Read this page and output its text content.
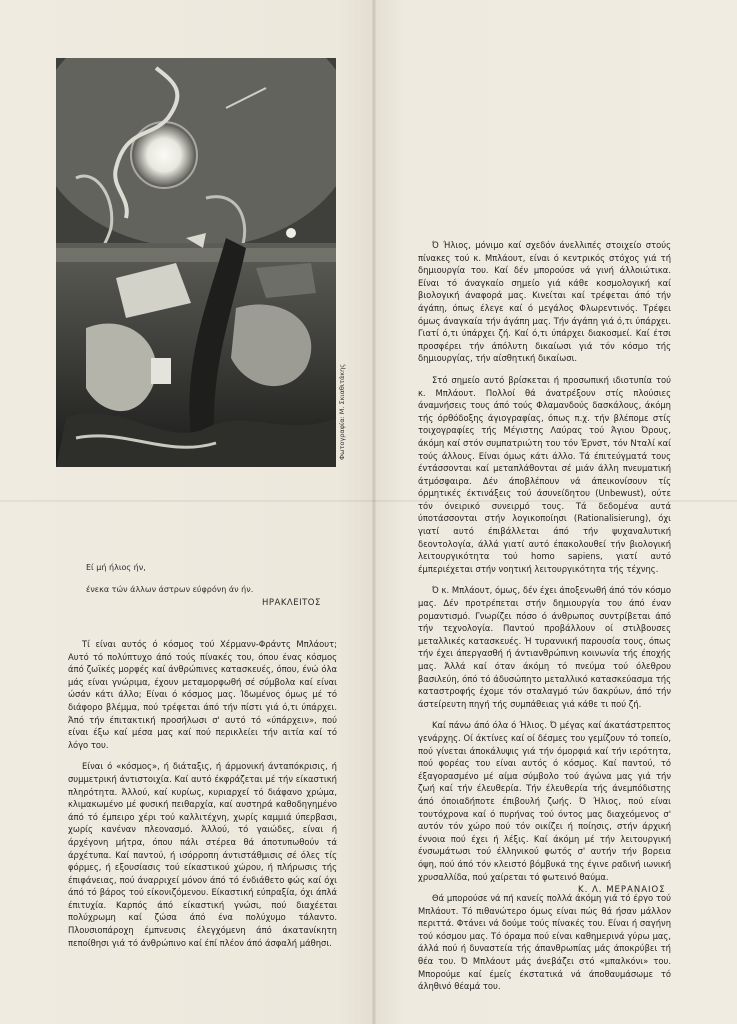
Φωτογραφία: Μ. Σκιαθιτάκης
Εί μή ήλιος ήν,
ένεκα τών άλλων άστρων εύφρόνη άν ήν.
ΗΡΑΚΛΕΙΤΟΣ

Τί είναι αυτός ό κόσμος τού Χέρμανν-Φράντς Μπλάουτ; Αυτό τό πολύπτυχο άπό τούς πίνακές του, όπου ένας κόσμος άπό ζωϊκές μορφές καί άνθρώπινες κατασκευές, όπου, ένώ όλα μάς είναι γνώριμα, έχουν μεταμορφωθή σέ σύμβολα καί είναι ώσάν κάτι άλλο; Είναι ό κόσμος μας. Ίδωμένος όμως μέ τό διάφορο βλέμμα, πού τρέφεται άπό τήν πίστι γιά ό,τι ύπάρχει. Άπό τήν έπιτακτική προσήλωσι σ' αυτό τό «ύπάρχειν», πού είναι έξω καί μέσα μας καί πού περικλείει τήν αιτία καί τό λόγο του.

Είναι ό «κόσμος», ή διάταξις, ή άρμονική άνταπόκρισις, ή συμμετρική άντιστοιχία. Καί αυτό έκφράζεται μέ τήν είκαστική πληρότητα. Άλλού, καί κυρίως, κυριαρχεί τό διάφανο χρώμα, κλιμακωμένο μέ φυσική πειθαρχία, καί αυστηρά καθοδηγημένο άπό τό έμπειρο χέρι τού καλλιτέχνη, χωρίς καμμιά ύπερβασι, χωρίς κανέναν πλεονασμό. Άλλού, τό γαιώδες, είναι ή άρχέγονη μήτρα, όπου πάλι στέρεα θά άποτυπωθούν τά άρχέτυπα. Καί παντού, ή ισόρροπη άντιστάθμισις σέ όλες τίς φόρμες, ή εξουσίασις τού είκαστικού χώρου, ή πλήρωσις τής έπιφάνειας, πού άναρριχεί μόνον άπό τό ένδιάθετο φώς καί όχι άπό τό βάρος τού είκονιζόμενου. Είκαστική εύπραξία, όχι άπλά έπιτυχία. Καρπός άπό είκαστική γνώσι, πού διαχέεται πολύχρωμη καί ζώσα άπό ένα πολύχυμο τάλαντο. Πλουσιοπάροχη έμπνευσις έλεγχόμενη άπό άκατανίκητη πεποίθησι γιά τό άνθρώπινο καί έπί πλέον άπό άσφαλή μάθησι.

Ό Ήλιος, μόνιμο καί σχεδόν άνελλιπές στοιχείο στούς πίνακες τού κ. Μπλάουτ, είναι ό κεντρικός στόχος γιά τή δημιουργία του. Καί δέν μπορούσε νά γινή άλλοιώτικα. Είναι τό άναγκαίο σημείο γιά κάθε κοσμολογική καί βιολογική άναφορά μας. Κινείται καί τρέφεται άπό τήν άγάπη, όπως έλεγε καί ό μεγάλος Φλωρεντινός. Τρέφει όμως άναγκαία τήν άγάπη μας. Τήν άγάπη γιά ό,τι ύπάρχει. Γιατί ό,τι ύπάρχει ζή. Καί ό,τι ύπάρχει διακοσμεί. Καί έτσι προσφέρει τήν άπόλυτη δικαίωσι γιά τόν κόσμο τής δημιουργίας, τήν αίσθητική δικαίωσι.

Στό σημείο αυτό βρίσκεται ή προσωπική ιδιοτυπία τού κ. Μπλάουτ. Πολλοί θά άνατρέξουν στίς πλούσιες άναμνήσεις τους άπό τούς Φλαμανδούς δασκάλους, άκόμη τής όρθόδοξης άγιογραφίας, όπως π.χ. τήν βλέπομε στίς τοιχογραφίες τής Μέγιστης Λαύρας τού Άγιου Όρους, άκόμη καί στόν συμπατριώτη του τόν Έρνστ, τόν Νταλί καί τούς άλλους. Είναι όμως κάτι άλλο. Τά έπιτεύγματά τους έντάσσονται καί μεταπλάθονται σέ μιάν άλλη πνευματική άτμόσφαιρα. Δέν άποβλέπουν νά άπεικονίσουν τίς όρμητικές έκτινάξεις τού άσυνείδητου (Unbewust), ούτε τόν όνειρικό συνειρμό τους. Τά δεδομένα αυτά ύποτάσσονται στήν λογικοποίησι (Rationalisierung), όχι γιατί αυτό έπιβάλλεται άπό τήν ψυχαναλυτική δεοντολογία, άλλά γιατί αυτό έπακολουθεί τήν βιολογική λειτουργικότητα τού homo sapiens, γιατί αυτό έμπεριέχεται στήν νοητική λειτουργικότητα τής τέχνης.

Ό κ. Μπλάουτ, όμως, δέν έχει άποξενωθή άπό τόν κόσμο μας. Δέν προτρέπεται στήν δημιουργία του άπό έναν ρομαντισμό. Γνωρίζει πόσο ό άνθρωπος συντρίβεται άπό τήν τεχνολογία. Παντού προβάλλουν οί στιλβουσες μεταλλικές κατασκευές. Ή τυραννική παρουσία τους, όπως τήν έχει άπεργασθή ή άντιανθρώπινη κοινωνία τής έποχής μας. Άλλά καί όταν άκόμη τό πνεύμα τού όλεθρου βασιλεύη, όπό τό άδυσώπητο μεταλλικό κατασκεύασμα τής καταστροφής έχομε τόν σταλαγμό τών δακρύων, άπό τήν άστείρευτη πηγή τής συμπάθειας γιά κάθε τι πού ζή.

Καί πάνω άπό όλα ό Ήλιος. Ό μέγας καί άκατάστρεπτος γενάρχης. Οί άκτίνες καί οί δέσμες του γεμίζουν τό τοπείο, πού γίνεται άποκάλυψις γιά τήν όμορφιά καί τήν ιερότητα, πού φορέας του είναι αυτός ό κόσμος. Καί παντού, τό έξαγορασμένο μέ αίμα σύμβολο τού άγώνα μας γιά τήν ζωή καί τήν έλευθερία. Τήν έλευθερία τής άνεμπόδιστης άπό όποιαδήποτε έπιβουλή ζωής. Ό Ήλιος, πού είναι τουτόχρονα καί ό πυρήνας τού όντος μας διαχεόμενος σ' αυτόν τόν χώρο πού τόν οικίζει ή ποίησις, στήν άρχική έννοια πού έχει ή λέξις. Καί άκόμη μέ τήν λειτουργική ένσωμάτωσι τού έλληνικού φωτός σ' αυτήν τήν βορεια όψη, πού άπό τόν κλειστό βόμβυκά της έγινε ραδινή ιωνική χρυσαλλίδα, πού χαίρεται τό φωτεινό θαύμα.

Θά μπορούσε νά πή κανείς πολλά άκόμη γιά τό έργο τού Μπλάουτ. Τό πιθανώτερο όμως είναι πώς θά ήσαν μάλλον περιττά. Φτάνει νά δούμε τούς πίνακές του. Είναι ή σαγήνη τού κόσμου μας. Τό όραμα πού είναι καθημερινά γύρω μας, άλλά πού ή δυναστεία τής άπανθρωπίας μάς άποκρύβει τή θέα του. Ό Μπλάουτ μάς άνεβάζει στό «μπαλκόνι» του. Μπορούμε καί έμείς έκστατικά νά άποθαυμάσωμε τό άληθινό θέαμά του.

Κ. Λ. ΜΕΡΑΝΑΙΟΣ
